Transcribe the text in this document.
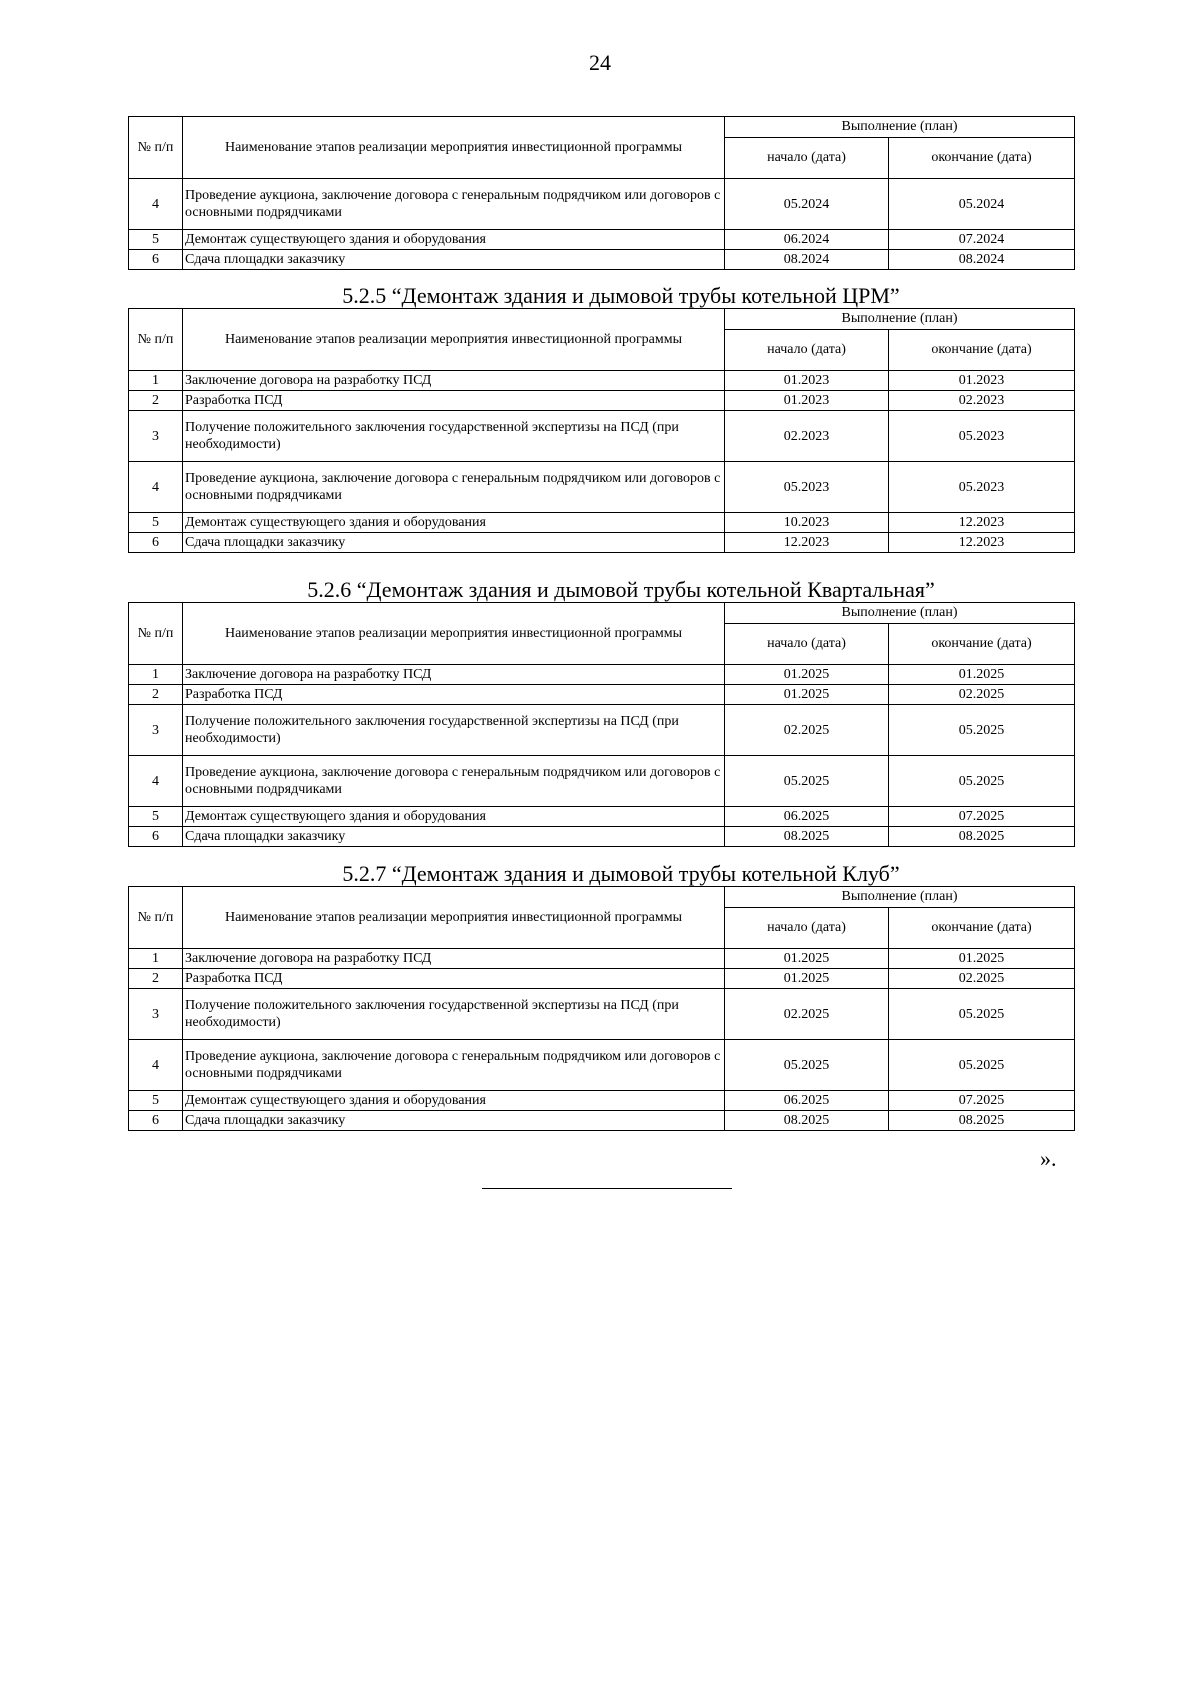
24
№ п/п	Наименование этапов реализации мероприятия инвестиционной программы	Выполнение (план)	
		начало (дата)	окончание (дата)
4	Проведение аукциона, заключение договора с генеральным подрядчиком или договоров с основными подрядчиками	05.2024	05.2024
5	Демонтаж существующего здания и оборудования	06.2024	07.2024
6	Сдача площадки заказчику	08.2024	08.2024
5.2.5 “Демонтаж здания и дымовой трубы котельной ЦРМ”
№ п/п	Наименование этапов реализации мероприятия инвестиционной программы	Выполнение (план)	
		начало (дата)	окончание (дата)
1	Заключение договора на разработку ПСД	01.2023	01.2023
2	Разработка ПСД	01.2023	02.2023
3	Получение положительного заключения государственной экспертизы на ПСД (при необходимости)	02.2023	05.2023
4	Проведение аукциона, заключение договора с генеральным подрядчиком или договоров с основными подрядчиками	05.2023	05.2023
5	Демонтаж существующего здания и оборудования	10.2023	12.2023
6	Сдача площадки заказчику	12.2023	12.2023
5.2.6 “Демонтаж здания и дымовой трубы котельной Квартальная”
№ п/п	Наименование этапов реализации мероприятия инвестиционной программы	Выполнение (план)	
		начало (дата)	окончание (дата)
1	Заключение договора на разработку ПСД	01.2025	01.2025
2	Разработка ПСД	01.2025	02.2025
3	Получение положительного заключения государственной экспертизы на ПСД (при необходимости)	02.2025	05.2025
4	Проведение аукциона, заключение договора с генеральным подрядчиком или договоров с основными подрядчиками	05.2025	05.2025
5	Демонтаж существующего здания и оборудования	06.2025	07.2025
6	Сдача площадки заказчику	08.2025	08.2025
5.2.7 “Демонтаж здания и дымовой трубы котельной Клуб”
№ п/п	Наименование этапов реализации мероприятия инвестиционной программы	Выполнение (план)	
		начало (дата)	окончание (дата)
1	Заключение договора на разработку ПСД	01.2025	01.2025
2	Разработка ПСД	01.2025	02.2025
3	Получение положительного заключения государственной экспертизы на ПСД (при необходимости)	02.2025	05.2025
4	Проведение аукциона, заключение договора с генеральным подрядчиком или договоров с основными подрядчиками	05.2025	05.2025
5	Демонтаж существующего здания и оборудования	06.2025	07.2025
6	Сдача площадки заказчику	08.2025	08.2025
».
